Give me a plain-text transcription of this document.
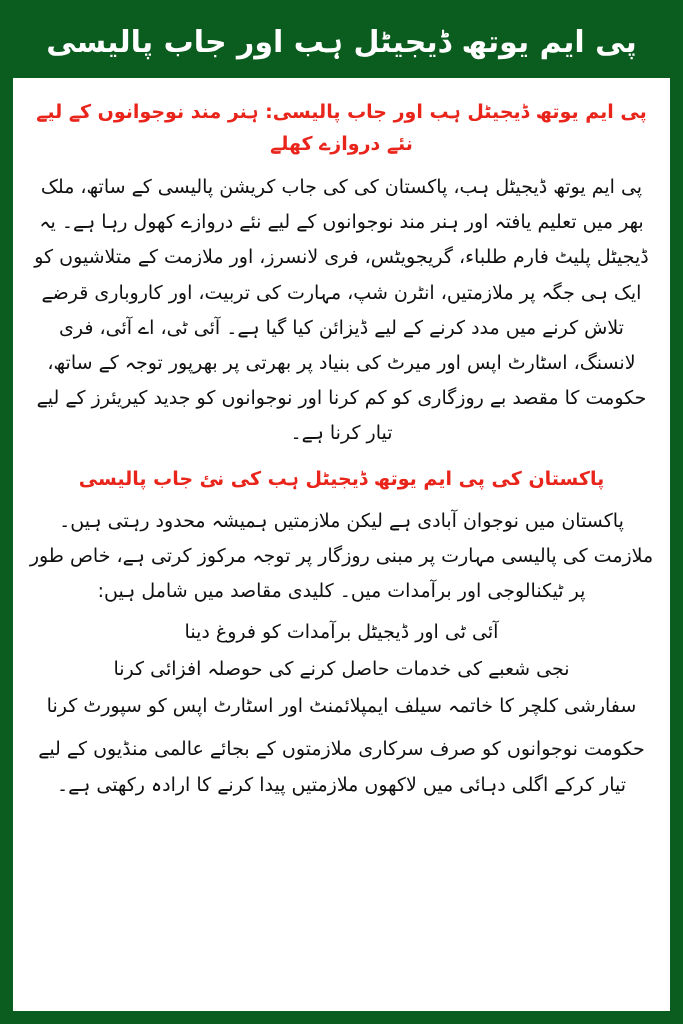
پی ایم یوتھ ڈیجیٹل ہب اور جاب پالیسی

پی ایم یوتھ ڈیجیٹل ہب اور جاب پالیسی: ہنر مند نوجوانوں کے لیے نئے دروازے کھلے

پی ایم یوتھ ڈیجیٹل ہب، پاکستان کی کی جاب کریشن پالیسی کے ساتھ، ملک بھر میں تعلیم یافتہ اور ہنر مند نوجوانوں کے لیے نئے دروازے کھول رہا ہے۔ یہ ڈیجیٹل پلیٹ فارم طلباء، گریجویٹس، فری لانسرز، اور ملازمت کے متلاشیوں کو ایک ہی جگہ پر ملازمتیں، انٹرن شپ، مہارت کی تربیت، اور کاروباری قرضے تلاش کرنے میں مدد کرنے کے لیے ڈیزائن کیا گیا ہے۔ آئی ٹی، اے آئی، فری لانسنگ، اسٹارٹ اپس اور میرٹ کی بنیاد پر بھرتی پر بھرپور توجہ کے ساتھ، حکومت کا مقصد بے روزگاری کو کم کرنا اور نوجوانوں کو جدید کیریئرز کے لیے تیار کرنا ہے۔

پاکستان کی پی ایم یوتھ ڈیجیٹل ہب کی نئ جاب پالیسی

پاکستان میں نوجوان آبادی ہے لیکن ملازمتیں ہمیشہ محدود رہتی ہیں۔ ملازمت کی پالیسی مہارت پر مبنی روزگار پر توجہ مرکوز کرتی ہے، خاص طور پر ٹیکنالوجی اور برآمدات میں۔ کلیدی مقاصد میں شامل ہیں:

آئی ٹی اور ڈیجیٹل برآمدات کو فروغ دینا

نجی شعبے کی خدمات حاصل کرنے کی حوصلہ افزائی کرنا

سفارشی کلچر کا خاتمہ سیلف ایمپلائمنٹ اور اسٹارٹ اپس کو سپورٹ کرنا

حکومت نوجوانوں کو صرف سرکاری ملازمتوں کے بجائے عالمی منڈیوں کے لیے تیار کرکے اگلی دہائی میں لاکھوں ملازمتیں پیدا کرنے کا ارادہ رکھتی ہے۔
